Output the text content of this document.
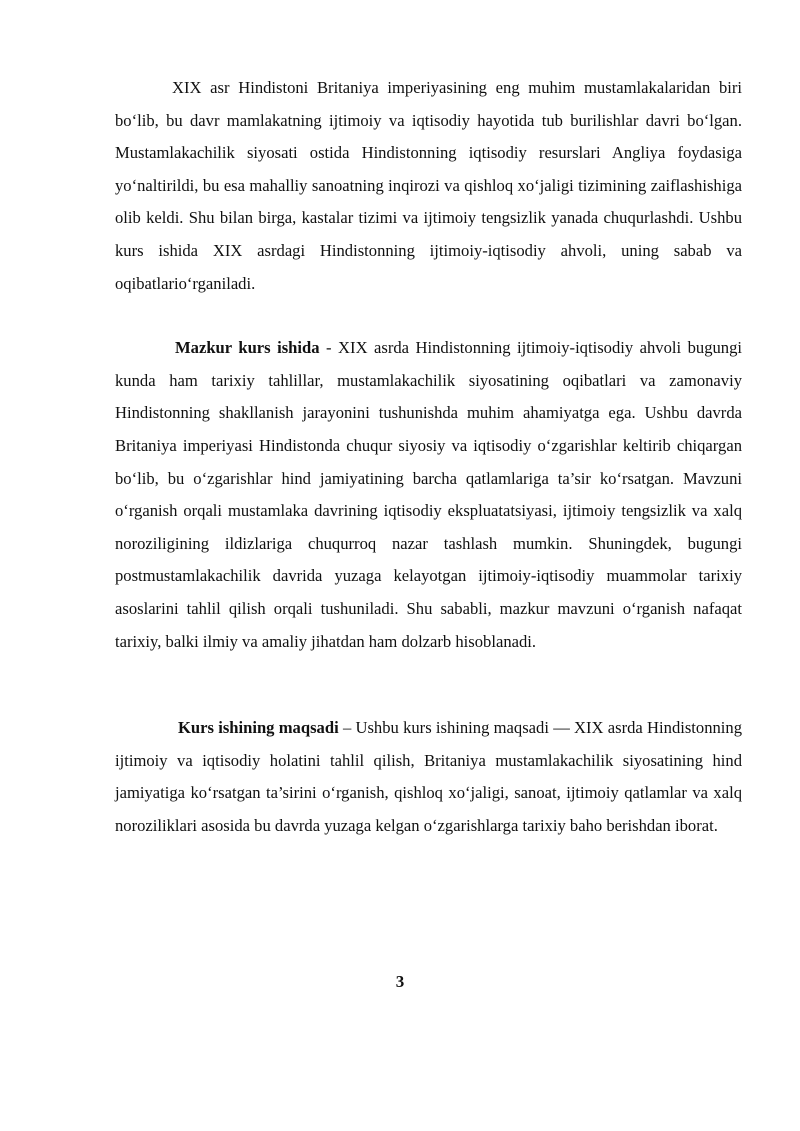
XIX asr Hindistoni Britaniya imperiyasining eng muhim mustamlakalaridan biri bo‘lib, bu davr mamlakatning ijtimoiy va iqtisodiy hayotida tub burilishlar davri bo‘lgan. Mustamlakachilik siyosati ostida Hindistonning iqtisodiy resurslari Angliya foydasiga yo‘naltirildi, bu esa mahalliy sanoatning inqirozi va qishloq xo‘jaligi tizimining zaiflashishiga olib keldi. Shu bilan birga, kastalar tizimi va ijtimoiy tengsizlik yanada chuqurlashdi. Ushbu kurs ishida XIX asrdagi Hindistonning ijtimoiy-iqtisodiy ahvoli, uning sabab va oqibatlario‘rganiladi.

Mazkur kurs ishida - XIX asrda Hindistonning ijtimoiy-iqtisodiy ahvoli bugungi kunda ham tarixiy tahlillar, mustamlakachilik siyosatining oqibatlari va zamonaviy Hindistonning shakllanish jarayonini tushunishda muhim ahamiyatga ega. Ushbu davrda Britaniya imperiyasi Hindistonda chuqur siyosiy va iqtisodiy o‘zgarishlar keltirib chiqargan bo‘lib, bu o‘zgarishlar hind jamiyatining barcha qatlamlariga ta’sir ko‘rsatgan. Mavzuni o‘rganish orqali mustamlaka davrining iqtisodiy ekspluatatsiyasi, ijtimoiy tengsizlik va xalq noroziligining ildizlariga chuqurroq nazar tashlash mumkin. Shuningdek, bugungi postmustamlakachilik davrida yuzaga kelayotgan ijtimoiy-iqtisodiy muammolar tarixiy asoslarini tahlil qilish orqali tushuniladi. Shu sababli, mazkur mavzuni o‘rganish nafaqat tarixiy, balki ilmiy va amaliy jihatdan ham dolzarb hisoblanadi.

Kurs ishining maqsadi – Ushbu kurs ishining maqsadi — XIX asrda Hindistonning ijtimoiy va iqtisodiy holatini tahlil qilish, Britaniya mustamlakachilik siyosatining hind jamiyatiga ko‘rsatgan ta’sirini o‘rganish, qishloq xo‘jaligi, sanoat, ijtimoiy qatlamlar va xalq noroziliklari asosida bu davrda yuzaga kelgan o‘zgarishlarga tarixiy baho berishdan iborat.

3
